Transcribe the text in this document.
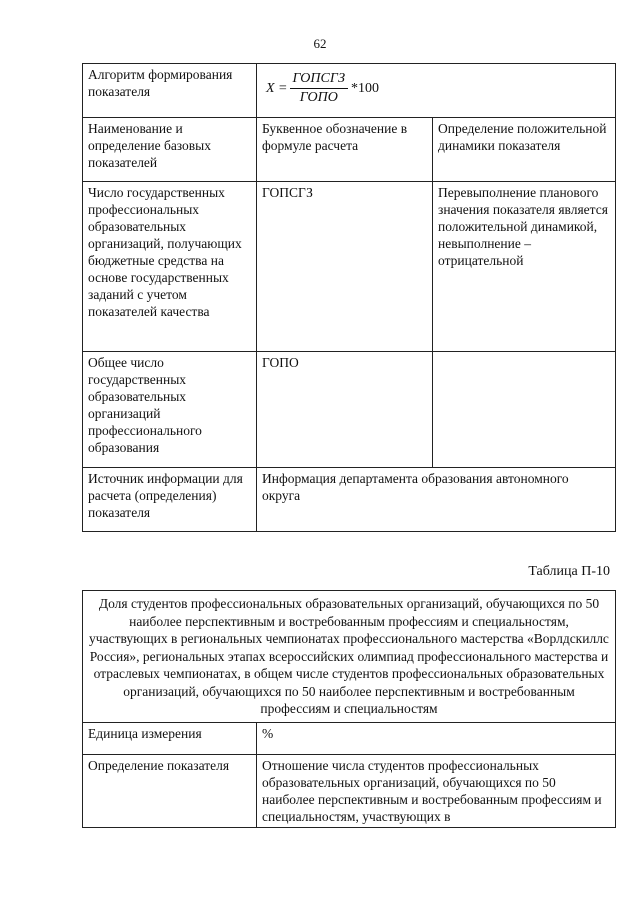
62
Алгоритм формирования показателя	$X = \frac{\text{ГОПСГЗ}}{\text{ГОПО}} *100$	

Наименование и определение базовых показателей	Буквенное обозначение в формуле расчета	Определение положительной динамики показателя
Число государственных профессиональных образовательных организаций, получающих бюджетные средства на основе государственных заданий с учетом показателей качества	ГОПСГЗ	Перевыполнение планового значения показателя является положительной динамикой, невыполнение – отрицательной
Общее число государственных образовательных организаций профессионального образования	ГОПО	
Источник информации для расчета (определения) показателя	Информация департамента образования автономного округа	
Таблица П-10
Доля студентов профессиональных образовательных организаций, обучающихся по 50 наиболее перспективным и востребованным профессиям и специальностям, участвующих в региональных чемпионатах профессионального мастерства «Ворлдскиллс Россия», региональных этапах всероссийских олимпиад профессионального мастерства и отраслевых чемпионатах, в общем числе студентов профессиональных образовательных организаций, обучающихся по 50 наиболее перспективным и востребованным профессиям и специальностям	
Единица измерения	%
Определение показателя	Отношение числа студентов профессиональных образовательных организаций, обучающихся по 50 наиболее перспективным и востребованным профессиям и специальностям, участвующих в
